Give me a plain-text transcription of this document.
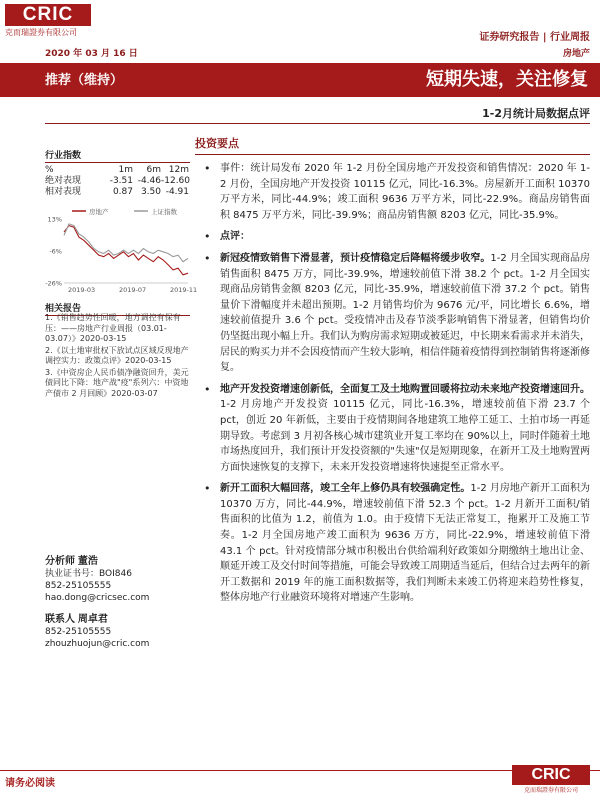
CRIC
克而瑞證券有限公司	证券研究报告 | 行业周报
2020 年 03 月 16 日	房地产
推荐（维持）	短期失速，关注修复
1-2月统计局数据点评
行业指数
%	1m	6m 12m
绝对表现	-3.51 -4.46 -12.60
相对表现	0.87 3.50 -4.91
房地产	上证指数
13%
-6%
-26%
2019-03	2019-07	2019-11
相关报告
1.《销售趋势性回暖，地方调控有保有压：——房地产行业周报（03.01-03.07）》2020-03-15
2.《以土地审批权下放试点区域反现地产调控实力：政策点评》2020-03-15
3.《中资房企人民币债净融资回升，美元债同比下降：地产战"疫"系列六：中资地产债市 2 月回顾》2020-03-07
分析师 董浩
执业证书号：BOI846
852-25105555
hao.dong@cricsec.com
联系人 周卓君
852-25105555
zhouzhuojun@cric.com
投资要点
• 事件：统计局发布 2020 年 1-2 月份全国房地产开发投资和销售情况：2020 年 1-2 月份，全国房地产开发投资 10115 亿元，同比-16.3%。房屋新开工面积 10370 万平方米，同比-44.9%；竣工面积 9636 万平方米，同比-22.9%。商品房销售面积 8475 万平方米，同比-39.9%；商品房销售额 8203 亿元，同比-35.9%。
• 点评：
• 新冠疫情致销售下滑显著，预计疫情稳定后降幅将缓步收窄。1-2 月全国实现商品房销售面积 8475 万方，同比-39.9%，增速较前值下滑 38.2 个 pct。1-2 月全国实现商品房销售金额 8203 亿元，同比-35.9%，增速较前值下滑 37.2 个 pct。销售量价下滑幅度并未超出预期。1-2 月销售均价为 9676 元/平，同比增长 6.6%，增速较前值提升 3.6 个 pct。受疫情冲击及春节淡季影响销售下滑显著，但销售均价仍坚挺出现小幅上升。我们认为购房需求短期或被延迟，中长期来看需求并未消失，居民的购买力并不会因疫情而产生较大影响，相信伴随着疫情得到控制销售将逐渐修复。
• 地产开发投资增速创新低，全面复工及土地购置回暖将拉动未来地产投资增速回升。1-2 月房地产开发投资 10115 亿元，同比-16.3%，增速较前值下滑 23.7 个 pct，创近 20 年新低，主要由于疫情期间各地建筑工地停工延工、土拍市场一再延期导致。考虑到 3 月初各核心城市建筑业开复工率均在 90%以上，同时伴随着土地市场热度回升，我们预计开发投资额的"失速"仅是短期现象，在新开工及土地购置两方面快速恢复的支撑下，未来开发投资增速将快速提至正常水平。
• 新开工面积大幅回落，竣工全年上修仍具有较强确定性。1-2 月房地产新开工面积为 10370 万方，同比-44.9%，增速较前值下滑 52.3 个 pct。1-2 月新开工面积/销售面积的比值为 1.2，前值为 1.0。由于疫情下无法正常复工，拖累开工及施工节奏。1-2 月全国房地产竣工面积为 9636 万方，同比-22.9%，增速较前值下滑 43.1 个 pct。针对疫情部分城市积极出台供给端利好政策如分期缴纳土地出让金、顺延开竣工及交付时间等措施，可能会导致竣工周期适当延后，但结合过去两年的新开工数据和 2019 年的施工面积数据等，我们判断未来竣工仍将迎来趋势性修复，整体房地产行业融资环境将对增速产生影响。
请务必阅读
CRIC
克而瑞證券有限公司
